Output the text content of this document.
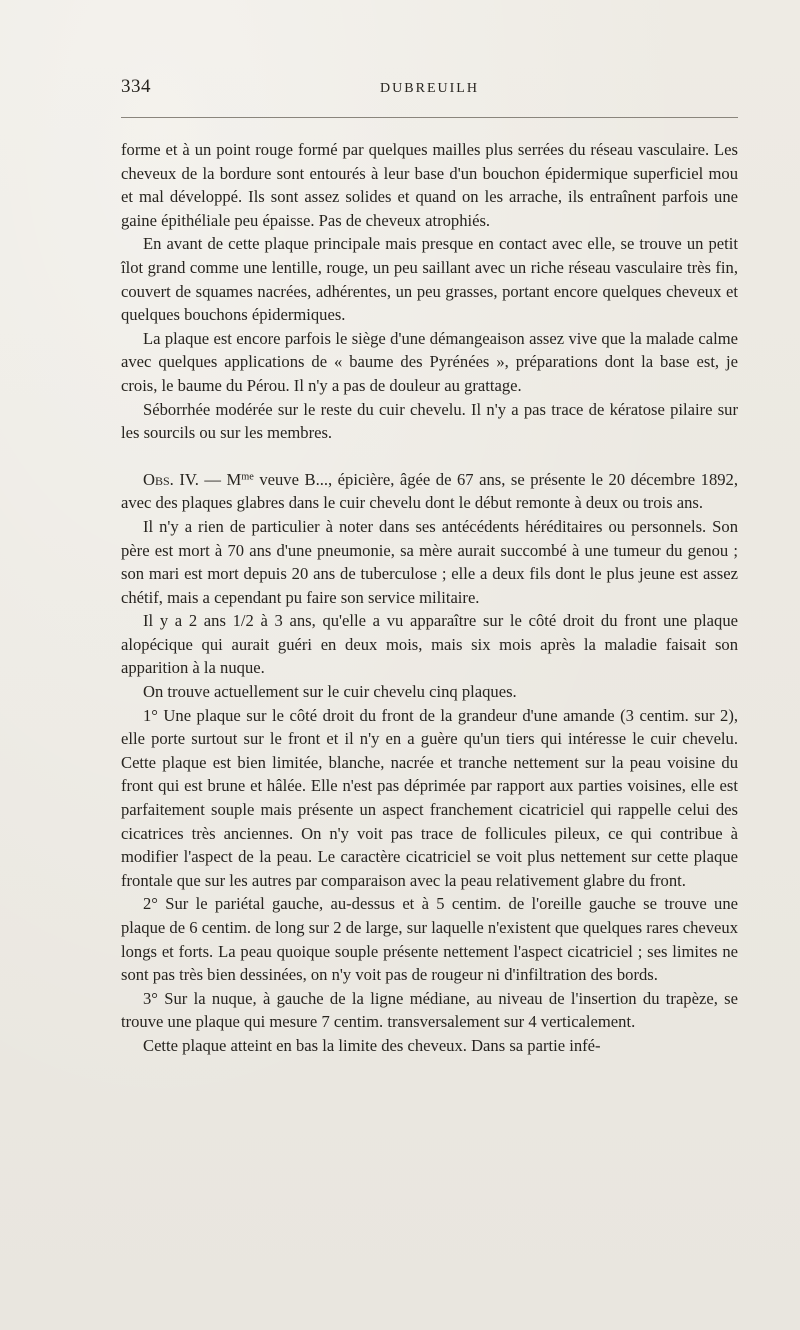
334	DUBREUILH

forme et à un point rouge formé par quelques mailles plus serrées du réseau vasculaire. Les cheveux de la bordure sont entourés à leur base d'un bouchon épidermique superficiel mou et mal développé. Ils sont assez solides et quand on les arrache, ils entraînent parfois une gaine épithéliale peu épaisse. Pas de cheveux atrophiés.

En avant de cette plaque principale mais presque en contact avec elle, se trouve un petit îlot grand comme une lentille, rouge, un peu saillant avec un riche réseau vasculaire très fin, couvert de squames nacrées, adhérentes, un peu grasses, portant encore quelques cheveux et quelques bouchons épidermiques.

La plaque est encore parfois le siège d'une démangeaison assez vive que la malade calme avec quelques applications de « baume des Pyrénées », préparations dont la base est, je crois, le baume du Pérou. Il n'y a pas de douleur au grattage.

Séborrhée modérée sur le reste du cuir chevelu. Il n'y a pas trace de kératose pilaire sur les sourcils ou sur les membres.

Obs. IV. — $M^{me}$ veuve B..., épicière, âgée de 67 ans, se présente le 20 décembre 1892, avec des plaques glabres dans le cuir chevelu dont le début remonte à deux ou trois ans.

Il n'y a rien de particulier à noter dans ses antécédents héréditaires ou personnels. Son père est mort à 70 ans d'une pneumonie, sa mère aurait succombé à une tumeur du genou ; son mari est mort depuis 20 ans de tuberculose ; elle a deux fils dont le plus jeune est assez chétif, mais a cependant pu faire son service militaire.

Il y a 2 ans 1/2 à 3 ans, qu'elle a vu apparaître sur le côté droit du front une plaque alopécique qui aurait guéri en deux mois, mais six mois après la maladie faisait son apparition à la nuque.

On trouve actuellement sur le cuir chevelu cinq plaques.

1° Une plaque sur le côté droit du front de la grandeur d'une amande (3 centim. sur 2), elle porte surtout sur le front et il n'y en a guère qu'un tiers qui intéresse le cuir chevelu. Cette plaque est bien limitée, blanche, nacrée et tranche nettement sur la peau voisine du front qui est brune et hâlée. Elle n'est pas déprimée par rapport aux parties voisines, elle est parfaitement souple mais présente un aspect franchement cicatriciel qui rappelle celui des cicatrices très anciennes. On n'y voit pas trace de follicules pileux, ce qui contribue à modifier l'aspect de la peau. Le caractère cicatriciel se voit plus nettement sur cette plaque frontale que sur les autres par comparaison avec la peau relativement glabre du front.

2° Sur le pariétal gauche, au-dessus et à 5 centim. de l'oreille gauche se trouve une plaque de 6 centim. de long sur 2 de large, sur laquelle n'existent que quelques rares cheveux longs et forts. La peau quoique souple présente nettement l'aspect cicatriciel ; ses limites ne sont pas très bien dessinées, on n'y voit pas de rougeur ni d'infiltration des bords.

3° Sur la nuque, à gauche de la ligne médiane, au niveau de l'insertion du trapèze, se trouve une plaque qui mesure 7 centim. transversalement sur 4 verticalement.

Cette plaque atteint en bas la limite des cheveux. Dans sa partie infé-
